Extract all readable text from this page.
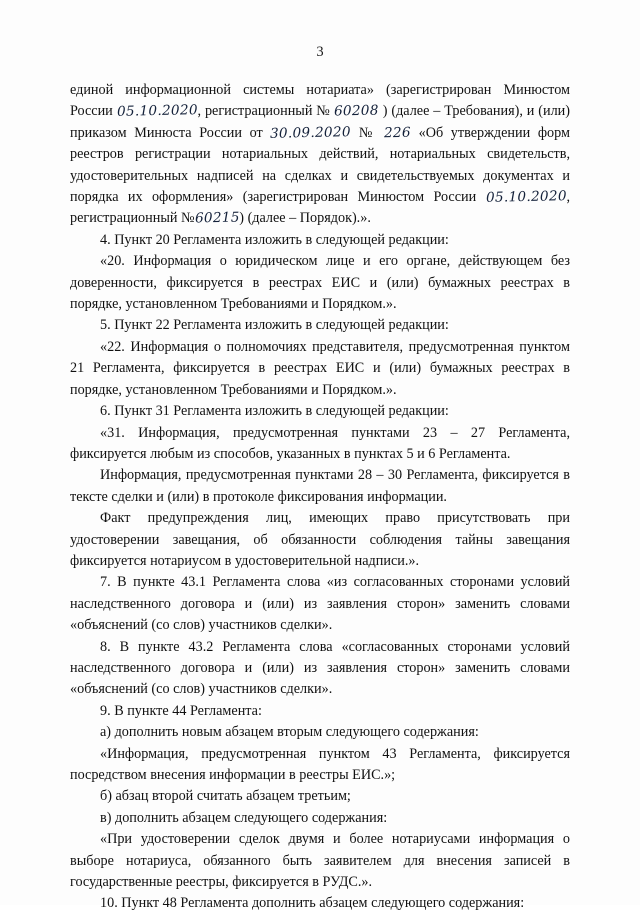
3

единой информационной системы нотариата» (зарегистрирован Минюстом России 05.10.2020, регистрационный № 60208 ) (далее – Требования), и (или) приказом Минюста России от 30.09.2020 № 226 «Об утверждении форм реестров регистрации нотариальных действий, нотариальных свидетельств, удостоверительных надписей на сделках и свидетельствуемых документах и порядка их оформления» (зарегистрирован Минюстом России 05.10.2020, регистрационный №60215) (далее – Порядок).».

4. Пункт 20 Регламента изложить в следующей редакции:

«20. Информация о юридическом лице и его органе, действующем без доверенности, фиксируется в реестрах ЕИС и (или) бумажных реестрах в порядке, установленном Требованиями и Порядком.».

5. Пункт 22 Регламента изложить в следующей редакции:

«22. Информация о полномочиях представителя, предусмотренная пунктом 21 Регламента, фиксируется в реестрах ЕИС и (или) бумажных реестрах в порядке, установленном Требованиями и Порядком.».

6. Пункт 31 Регламента изложить в следующей редакции:

«31. Информация, предусмотренная пунктами 23 – 27 Регламента, фиксируется любым из способов, указанных в пунктах 5 и 6 Регламента.

Информация, предусмотренная пунктами 28 – 30 Регламента, фиксируется в тексте сделки и (или) в протоколе фиксирования информации.

Факт предупреждения лиц, имеющих право присутствовать при удостоверении завещания, об обязанности соблюдения тайны завещания фиксируется нотариусом в удостоверительной надписи.».

7. В пункте 43.1 Регламента слова «из согласованных сторонами условий наследственного договора и (или) из заявления сторон» заменить словами «объяснений (со слов) участников сделки».

8. В пункте 43.2 Регламента слова «согласованных сторонами условий наследственного договора и (или) из заявления сторон» заменить словами «объяснений (со слов) участников сделки».

9. В пункте 44 Регламента:

а) дополнить новым абзацем вторым следующего содержания:

«Информация, предусмотренная пунктом 43 Регламента, фиксируется посредством внесения информации в реестры ЕИС.»;

б) абзац второй считать абзацем третьим;

в) дополнить абзацем следующего содержания:

«При удостоверении сделок двумя и более нотариусами информация о выборе нотариуса, обязанного быть заявителем для внесения записей в государственные реестры, фиксируется в РУДС.».

10. Пункт 48 Регламента дополнить абзацем следующего содержания:
